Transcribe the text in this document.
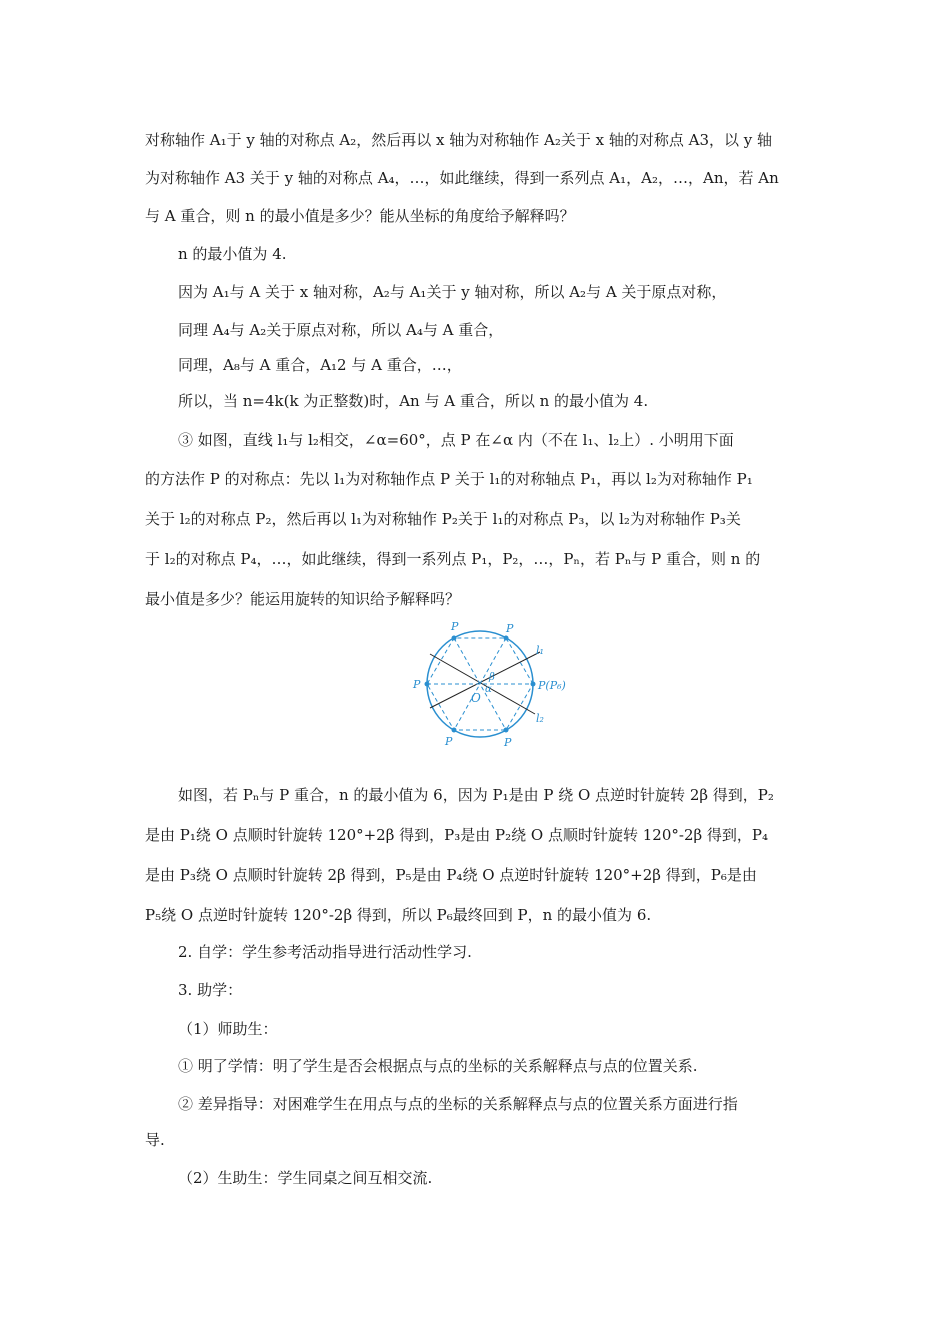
对称轴作 A₁于 y 轴的对称点 A₂，然后再以 x 轴为对称轴作 A₂关于 x 轴的对称点 A3，以 y 轴
为对称轴作 A3 关于 y 轴的对称点 A₄，…，如此继续，得到一系列点 A₁，A₂，…，An，若 An
与 A 重合，则 n 的最小值是多少？能从坐标的角度给予解释吗？
n 的最小值为 4.
因为 A₁与 A 关于 x 轴对称，A₂与 A₁关于 y 轴对称，所以 A₂与 A 关于原点对称，
同理 A₄与 A₂关于原点对称，所以 A₄与 A 重合，
同理，A₈与 A 重合，A₁2 与 A 重合，…，
所以，当 n=4k(k 为正整数)时，An 与 A 重合，所以 n 的最小值为 4.
③ 如图，直线 l₁与 l₂相交，∠α=60°，点 P 在∠α 内（不在 l₁、l₂上）. 小明用下面
的方法作 P 的对称点：先以 l₁为对称轴作点 P 关于 l₁的对称轴点 P₁，再以 l₂为对称轴作 P₁
关于 l₂的对称点 P₂，然后再以 l₁为对称轴作 P₂关于 l₁的对称点 P₃，以 l₂为对称轴作 P₃关
于 l₂的对称点 P₄，…，如此继续，得到一系列点 P₁，P₂，…，Pₙ，若 Pₙ与 P 重合，则 n 的
最小值是多少？能运用旋转的知识给予解释吗？
P	P
l₁
P	P(P₆)
O
β
α
P	P
l₂
如图，若 Pₙ与 P 重合，n 的最小值为 6，因为 P₁是由 P 绕 O 点逆时针旋转 2β 得到，P₂
是由 P₁绕 O 点顺时针旋转 120°+2β 得到，P₃是由 P₂绕 O 点顺时针旋转 120°-2β 得到，P₄
是由 P₃绕 O 点顺时针旋转 2β 得到，P₅是由 P₄绕 O 点逆时针旋转 120°+2β 得到，P₆是由
P₅绕 O 点逆时针旋转 120°-2β 得到，所以 P₆最终回到 P，n 的最小值为 6.
2. 自学：学生参考活动指导进行活动性学习.
3. 助学：
（1）师助生：
① 明了学情：明了学生是否会根据点与点的坐标的关系解释点与点的位置关系.
② 差异指导：对困难学生在用点与点的坐标的关系解释点与点的位置关系方面进行指
导.
（2）生助生：学生同桌之间互相交流.
